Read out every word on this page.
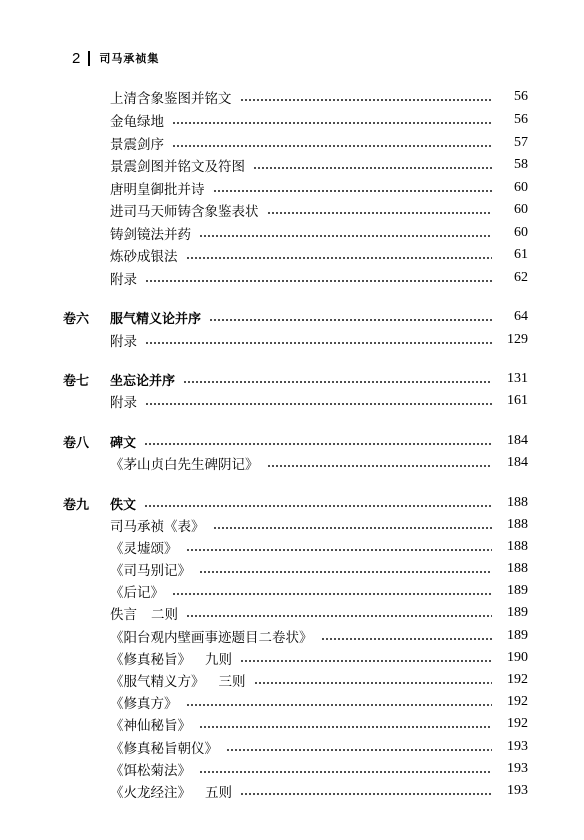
2 司马承祯集
上清含象鉴图并铭文	56
金龟绿地	56
景震剑序	57
景震剑图并铭文及符图	58
唐明皇御批并诗	60
进司马天师铸含象鉴表状	60
铸剑镜法并药	60
炼砂成银法	61
附录	62
卷六 服气精义论并序	64
附录	129
卷七 坐忘论并序	131
附录	161
卷八 碑文	184
《茅山贞白先生碑阴记》	184
卷九 佚文	188
司马承祯《表》	188
《灵墟颂》	188
《司马别记》	188
《后记》	189
佚言 二则	189
《阳台观内壁画事迹题目二卷状》	189
《修真秘旨》 九则	190
《服气精义方》 三则	192
《修真方》	192
《神仙秘旨》	192
《修真秘旨朝仪》	193
《饵松菊法》	193
《火龙经注》 五则	193
